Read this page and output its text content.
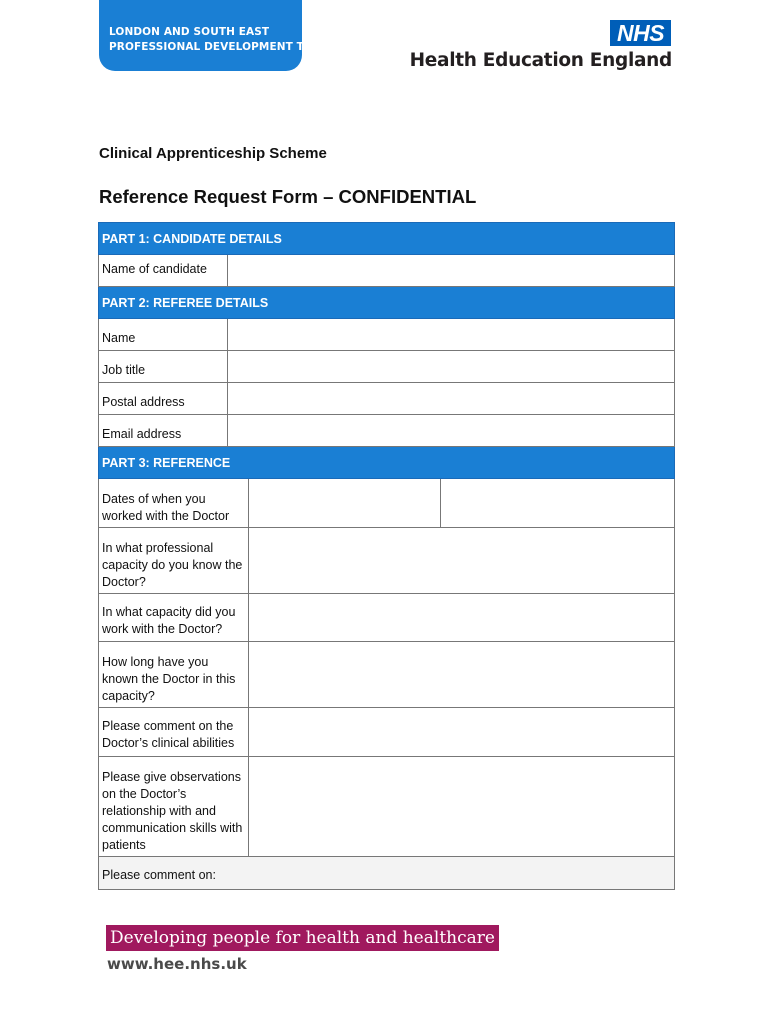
LONDON AND SOUTH EAST
PROFESSIONAL DEVELOPMENT TEAM
NHS
Health Education England
Clinical Apprenticeship Scheme
Reference Request Form – CONFIDENTIAL
PART 1: CANDIDATE DETAILS			
Name of candidate			
PART 2: REFEREE DETAILS			
Name			
Job title			
Postal address			
Email address			
PART 3: REFERENCE			
Dates of when you worked with the Doctor			
In what professional capacity do you know the Doctor?			
In what capacity did you work with the Doctor?			
How long have you known the Doctor in this capacity?			
Please comment on the Doctor’s clinical abilities			
Please give observations on the Doctor’s relationship with and communication skills with patients			
Please comment on:			
Developing people for health and healthcare
www.hee.nhs.uk
